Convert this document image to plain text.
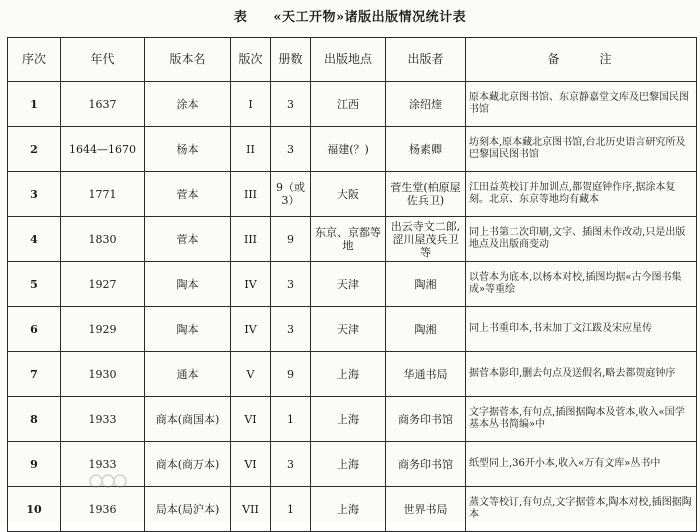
表 «天工开物»诸版出版情况统计表
序次	年代	版本名	版次	册数	出版地点	出版者	备注
1	1637	涂本	I	3	江西	涂绍煃	原本藏北京图书馆、东京静嘉堂文库及巴黎国民图书馆
2	1644—1670	杨本	II	3	福建(？)	杨素卿	坊刻本,原本藏北京图书馆,台北历史语言研究所及巴黎国民图书馆
3	1771	菅本	III	9（或3）	大阪	菅生堂(柏原屋佐兵卫)	江田益英校订并加训点,都贺庭钟作序,据涂本复刻。北京、东京等地均有藏本
4	1830	菅本	III	9	东京、京都等地	出云寺文二郎,涩川屋茂兵卫等	同上书第二次印刷,文字、插图未作改动,只是出版地点及出版商变动
5	1927	陶本	IV	3	天津	陶湘	以菅本为底本,以杨本对校,插图均据«古今图书集成»等重绘
6	1929	陶本	IV	3	天津	陶湘	同上书重印本,书末加丁文江跋及宋应星传
7	1930	通本	V	9	上海	华通书局	据菅本影印,删去句点及送假名,略去都贺庭钟序
8	1933	商本(商国本)	VI	1	上海	商务印书馆	文字据菅本,有句点,插图据陶本及菅本,收入«国学基本丛书简编»中
9	1933	商本(商万本)	VI	3	上海	商务印书馆	纸型同上,36开小本,收入«万有文库»丛书中
10	1936	局本(局沪本)	VII	1	上海	世界书局	蒸文等校订,有句点,文字据菅本,陶本对校,插图据陶本
